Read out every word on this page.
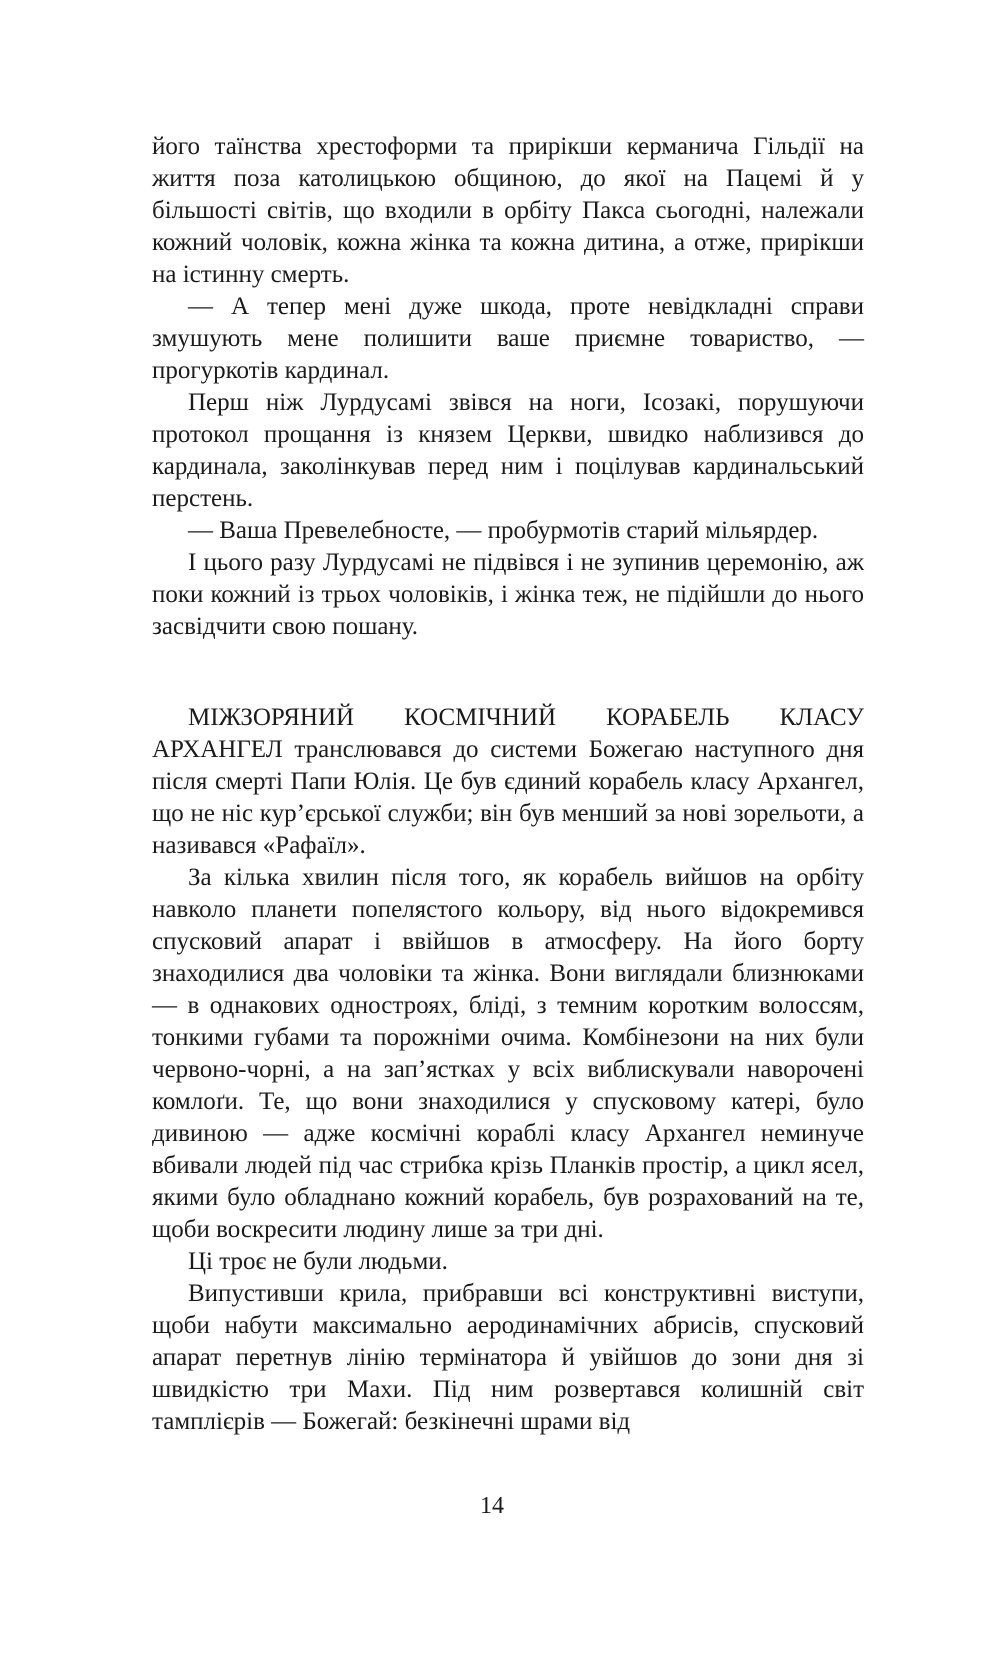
його таїнства хрестоформи та прирікши керманича Гільдії на життя поза католицькою общиною, до якої на Пацемі й у більшості світів, що входили в орбіту Пакса сьогодні, належали кожний чоловік, кожна жінка та кожна дитина, а отже, прирікши на істинну смерть.

— А тепер мені дуже шкода, проте невідкладні справи змушують мене полишити ваше приємне товариство, — прогуркотів кардинал.

Перш ніж Лурдусамі звівся на ноги, Ісозакі, порушуючи протокол прощання із князем Церкви, швидко наблизився до кардинала, заколінкував перед ним і поцілував кардинальський перстень.

— Ваша Превелебносте, — пробурмотів старий мільярдер.

І цього разу Лурдусамі не підвівся і не зупинив церемонію, аж поки кожний із трьох чоловіків, і жінка теж, не підійшли до нього засвідчити свою пошану.

МІЖЗОРЯНИЙ КОСМІЧНИЙ КОРАБЕЛЬ КЛАСУ АРХАНГЕЛ транслювався до системи Божегаю наступного дня після смерті Папи Юлія. Це був єдиний корабель класу Архангел, що не ніс кур’єрської служби; він був менший за нові зорельоти, а називався «Рафаїл».

За кілька хвилин після того, як корабель вийшов на орбіту навколо планети попелястого кольору, від нього відокремився спусковий апарат і ввійшов в атмосферу. На його борту знаходилися два чоловіки та жінка. Вони виглядали близнюками — в однакових одностроях, блідi, з темним коротким волоссям, тонкими губами та порожніми очима. Комбінезони на них були червоно-чорні, а на зап’ястках у всіх виблискували наворочені комлоґи. Те, що вони знаходилися у спусковому катері, було дивиною — адже космічні кораблі класу Архангел неминуче вбивали людей під час стрибка крізь Планків простір, а цикл ясел, якими було обладнано кожний корабель, був розрахований на те, щоби воскресити людину лише за три дні.

Ці троє не були людьми.

Випустивши крила, прибравши всі конструктивні виступи, щоби набути максимально аеродинамічних абрисів, спусковий апарат перетнув лінію термінатора й увійшов до зони дня зі швидкістю три Махи. Під ним розвертався колишній світ тамплієрів — Божегай: безкінечні шрами від

14
